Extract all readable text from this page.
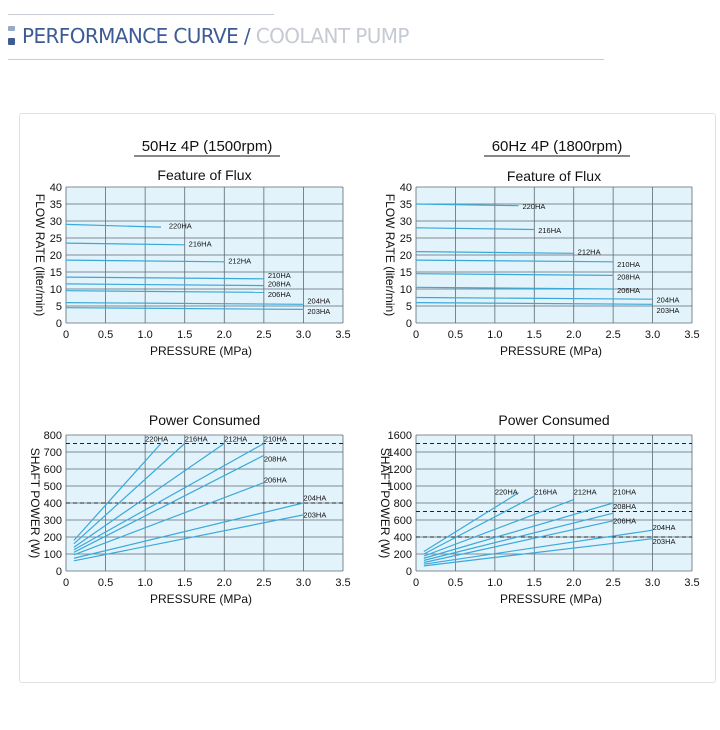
PERFORMANCE CURVE / COOLANT PUMP
50Hz 4P (1500rpm)	60Hz 4P (1800rpm)
Feature of Flux
220HA
216HA
212HA
210HA
208HA
206HA
204HA
203HA
0
5
10
15
20
25
30
35
40
0	0.5 1.0 1.5 2.0 2.5 3.0 3.5
PRESSURE (MPa)
FLOW RATE (liter/min)
Feature of Flux
220HA
216HA
212HA
210HA
208HA
206HA
204HA
203HA
0
5
10
15
20
25
30
35
40
0	0.5 1.0 1.5 2.0 2.5 3.0 3.5
PRESSURE (MPa)
FLOW RATE (liter/min)
Power Consumed
220HA 216HA 212HA 210HA
208HA
206HA
204HA
203HA
0
100
200
300
400
500
600
700
800
0	0.5 1.0 1.5 2.0 2.5 3.0 3.5
PRESSURE (MPa)
SHAFT POWER (W)
Power Consumed
220HA 216HA 212HA 210HA
208HA
206HA
204HA
203HA
0
200
400
600
800
1000
1200
1400
1600
0	0.5 1.0 1.5 2.0 2.5 3.0 3.5
PRESSURE (MPa)
SHAFT POWER (W)
